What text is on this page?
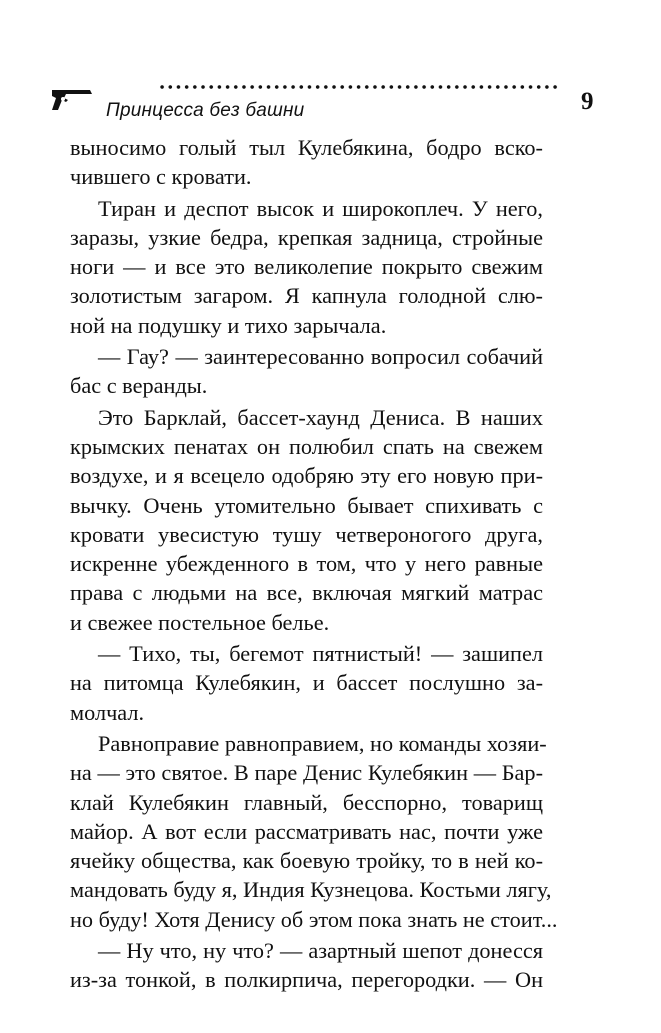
Принцесса без башни	9
выносимо голый тыл Кулебякина, бодро вско-
чившего с кровати.
Тиран и деспот высок и широкоплеч. У него,
заразы, узкие бедра, крепкая задница, стройные
ноги — и все это великолепие покрыто свежим
золотистым загаром. Я капнула голодной слю-
ной на подушку и тихо зарычала.
— Гау? — заинтересованно вопросил собачий
бас с веранды.
Это Барклай, бассет-хаунд Дениса. В наших
крымских пенатах он полюбил спать на свежем
воздухе, и я всецело одобряю эту его новую при-
вычку. Очень утомительно бывает спихивать с
кровати увесистую тушу четвероногого друга,
искренне убежденного в том, что у него равные
права с людьми на все, включая мягкий матрас
и свежее постельное белье.
— Тихо, ты, бегемот пятнистый! — зашипел
на питомца Кулебякин, и бассет послушно за-
молчал.
Равноправие равноправием, но команды хозяи-
на — это святое. В паре Денис Кулебякин — Бар-
клай Кулебякин главный, бесспорно, товарищ
майор. А вот если рассматривать нас, почти уже
ячейку общества, как боевую тройку, то в ней ко-
мандовать буду я, Индия Кузнецова. Костьми лягу,
но буду! Хотя Денису об этом пока знать не стоит...
— Ну что, ну что? — азартный шепот донесся
из-за тонкой, в полкирпича, перегородки. — Он
